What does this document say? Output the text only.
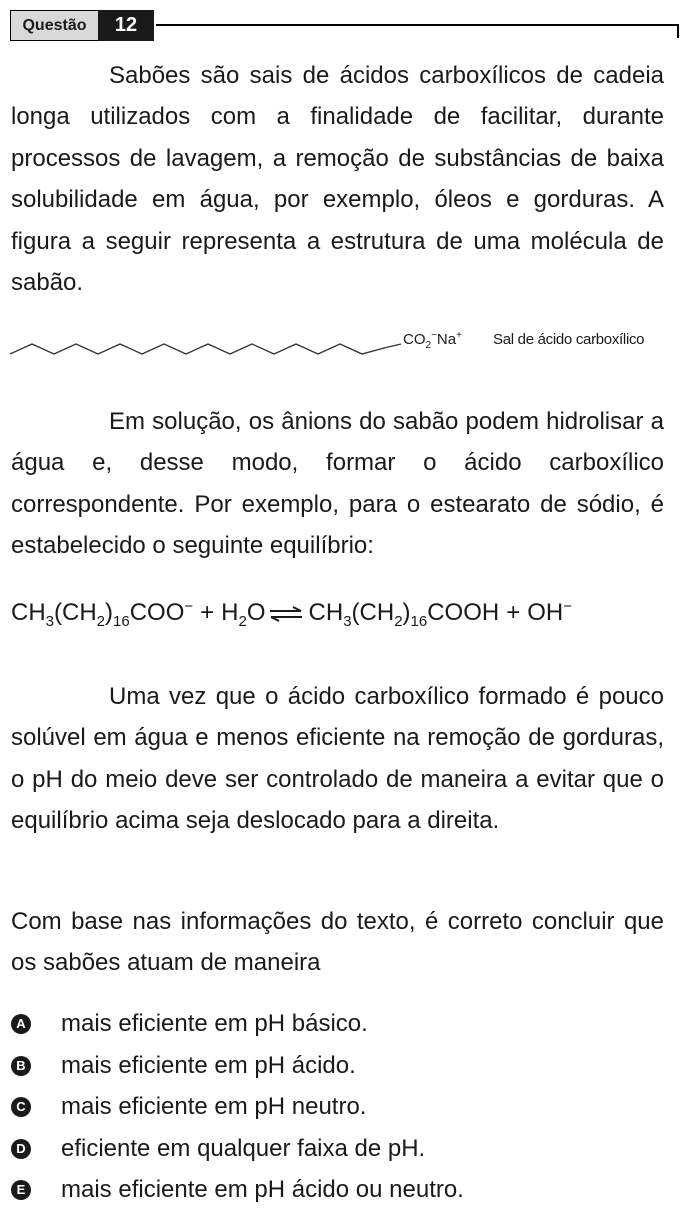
Questão	12

Sabões são sais de ácidos carboxílicos de cadeia longa utilizados com a finalidade de facilitar, durante processos de lavagem, a remoção de substâncias de baixa solubilidade em água, por exemplo, óleos e gorduras. A figura a seguir representa a estrutura de uma molécula de sabão.

$CO_2^-Na^+$ Sal de ácido carboxílico

Em solução, os ânions do sabão podem hidrolisar a água e, desse modo, formar o ácido carboxílico correspondente. Por exemplo, para o estearato de sódio, é estabelecido o seguinte equilíbrio:

$CH_3(CH_2)_{16}COO^- + H_2O$ ⇌ $CH_3(CH_2)_{16}COOH + OH^-$

Uma vez que o ácido carboxílico formado é pouco solúvel em água e menos eficiente na remoção de gorduras, o pH do meio deve ser controlado de maneira a evitar que o equilíbrio acima seja deslocado para a direita.

Com base nas informações do texto, é correto concluir que os sabões atuam de maneira

A mais eficiente em pH básico.
B mais eficiente em pH ácido.
C mais eficiente em pH neutro.
D eficiente em qualquer faixa de pH.
E mais eficiente em pH ácido ou neutro.
